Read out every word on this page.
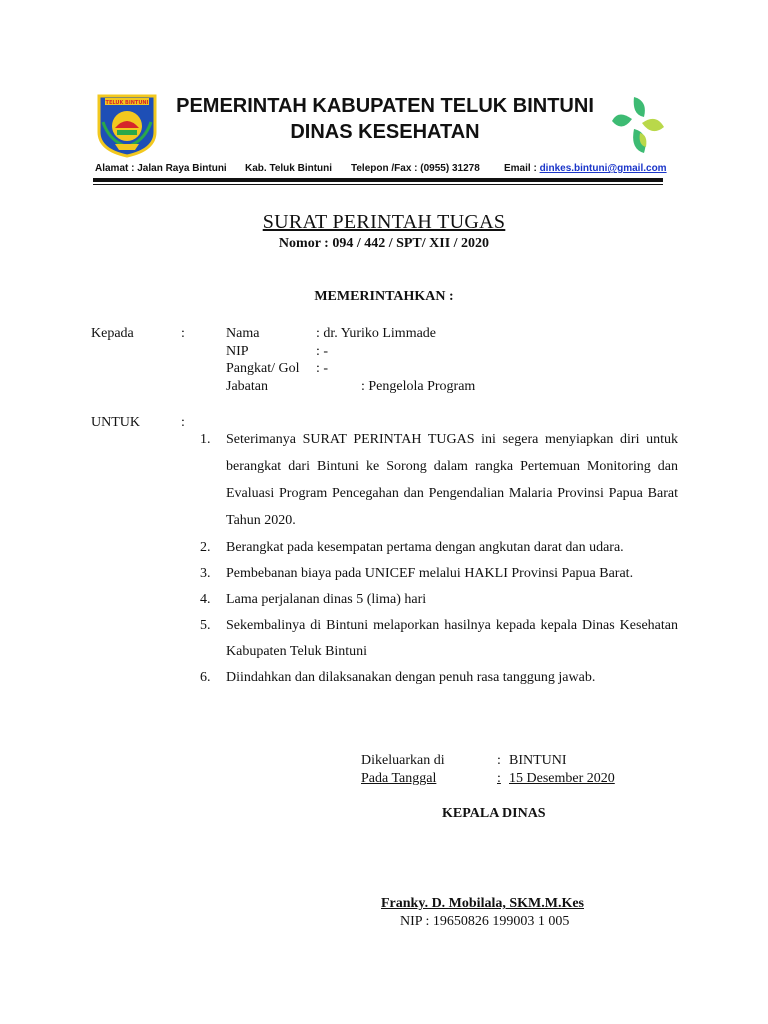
TELUK BINTUNI	PEMERINTAH KABUPATEN TELUK BINTUNI
DINAS KESEHATAN
Alamat : Jalan Raya Bintuni Kab. Teluk Bintuni Telepon /Fax : (0955) 31278 Email : dinkes.bintuni@gmail.com
SURAT PERINTAH TUGAS
Nomor : 094 / 442 / SPT/ XII / 2020
MEMERINTAHKAN :
Kepada	:	Nama	: dr. Yuriko Limmade
NIP	: -
Pangkat/ Gol : -
Jabatan	: Pengelola Program
UNTUK	:
1. Seterimanya SURAT PERINTAH TUGAS ini segera menyiapkan diri untuk berangkat dari Bintuni ke Sorong dalam rangka Pertemuan Monitoring dan Evaluasi Program Pencegahan dan Pengendalian Malaria Provinsi Papua Barat Tahun 2020.
2. Berangkat pada kesempatan pertama dengan angkutan darat dan udara.
3. Pembebanan biaya pada UNICEF melalui HAKLI Provinsi Papua Barat.
4. Lama perjalanan dinas 5 (lima) hari
5. Sekembalinya di Bintuni melaporkan hasilnya kepada kepala Dinas Kesehatan Kabupaten Teluk Bintuni
6. Diindahkan dan dilaksanakan dengan penuh rasa tanggung jawab.
Dikeluarkan di	: BINTUNI
Pada Tanggal	: 15 Desember 2020
KEPALA DINAS
Franky. D. Mobilala, SKM.M.Kes
NIP : 19650826 199003 1 005
